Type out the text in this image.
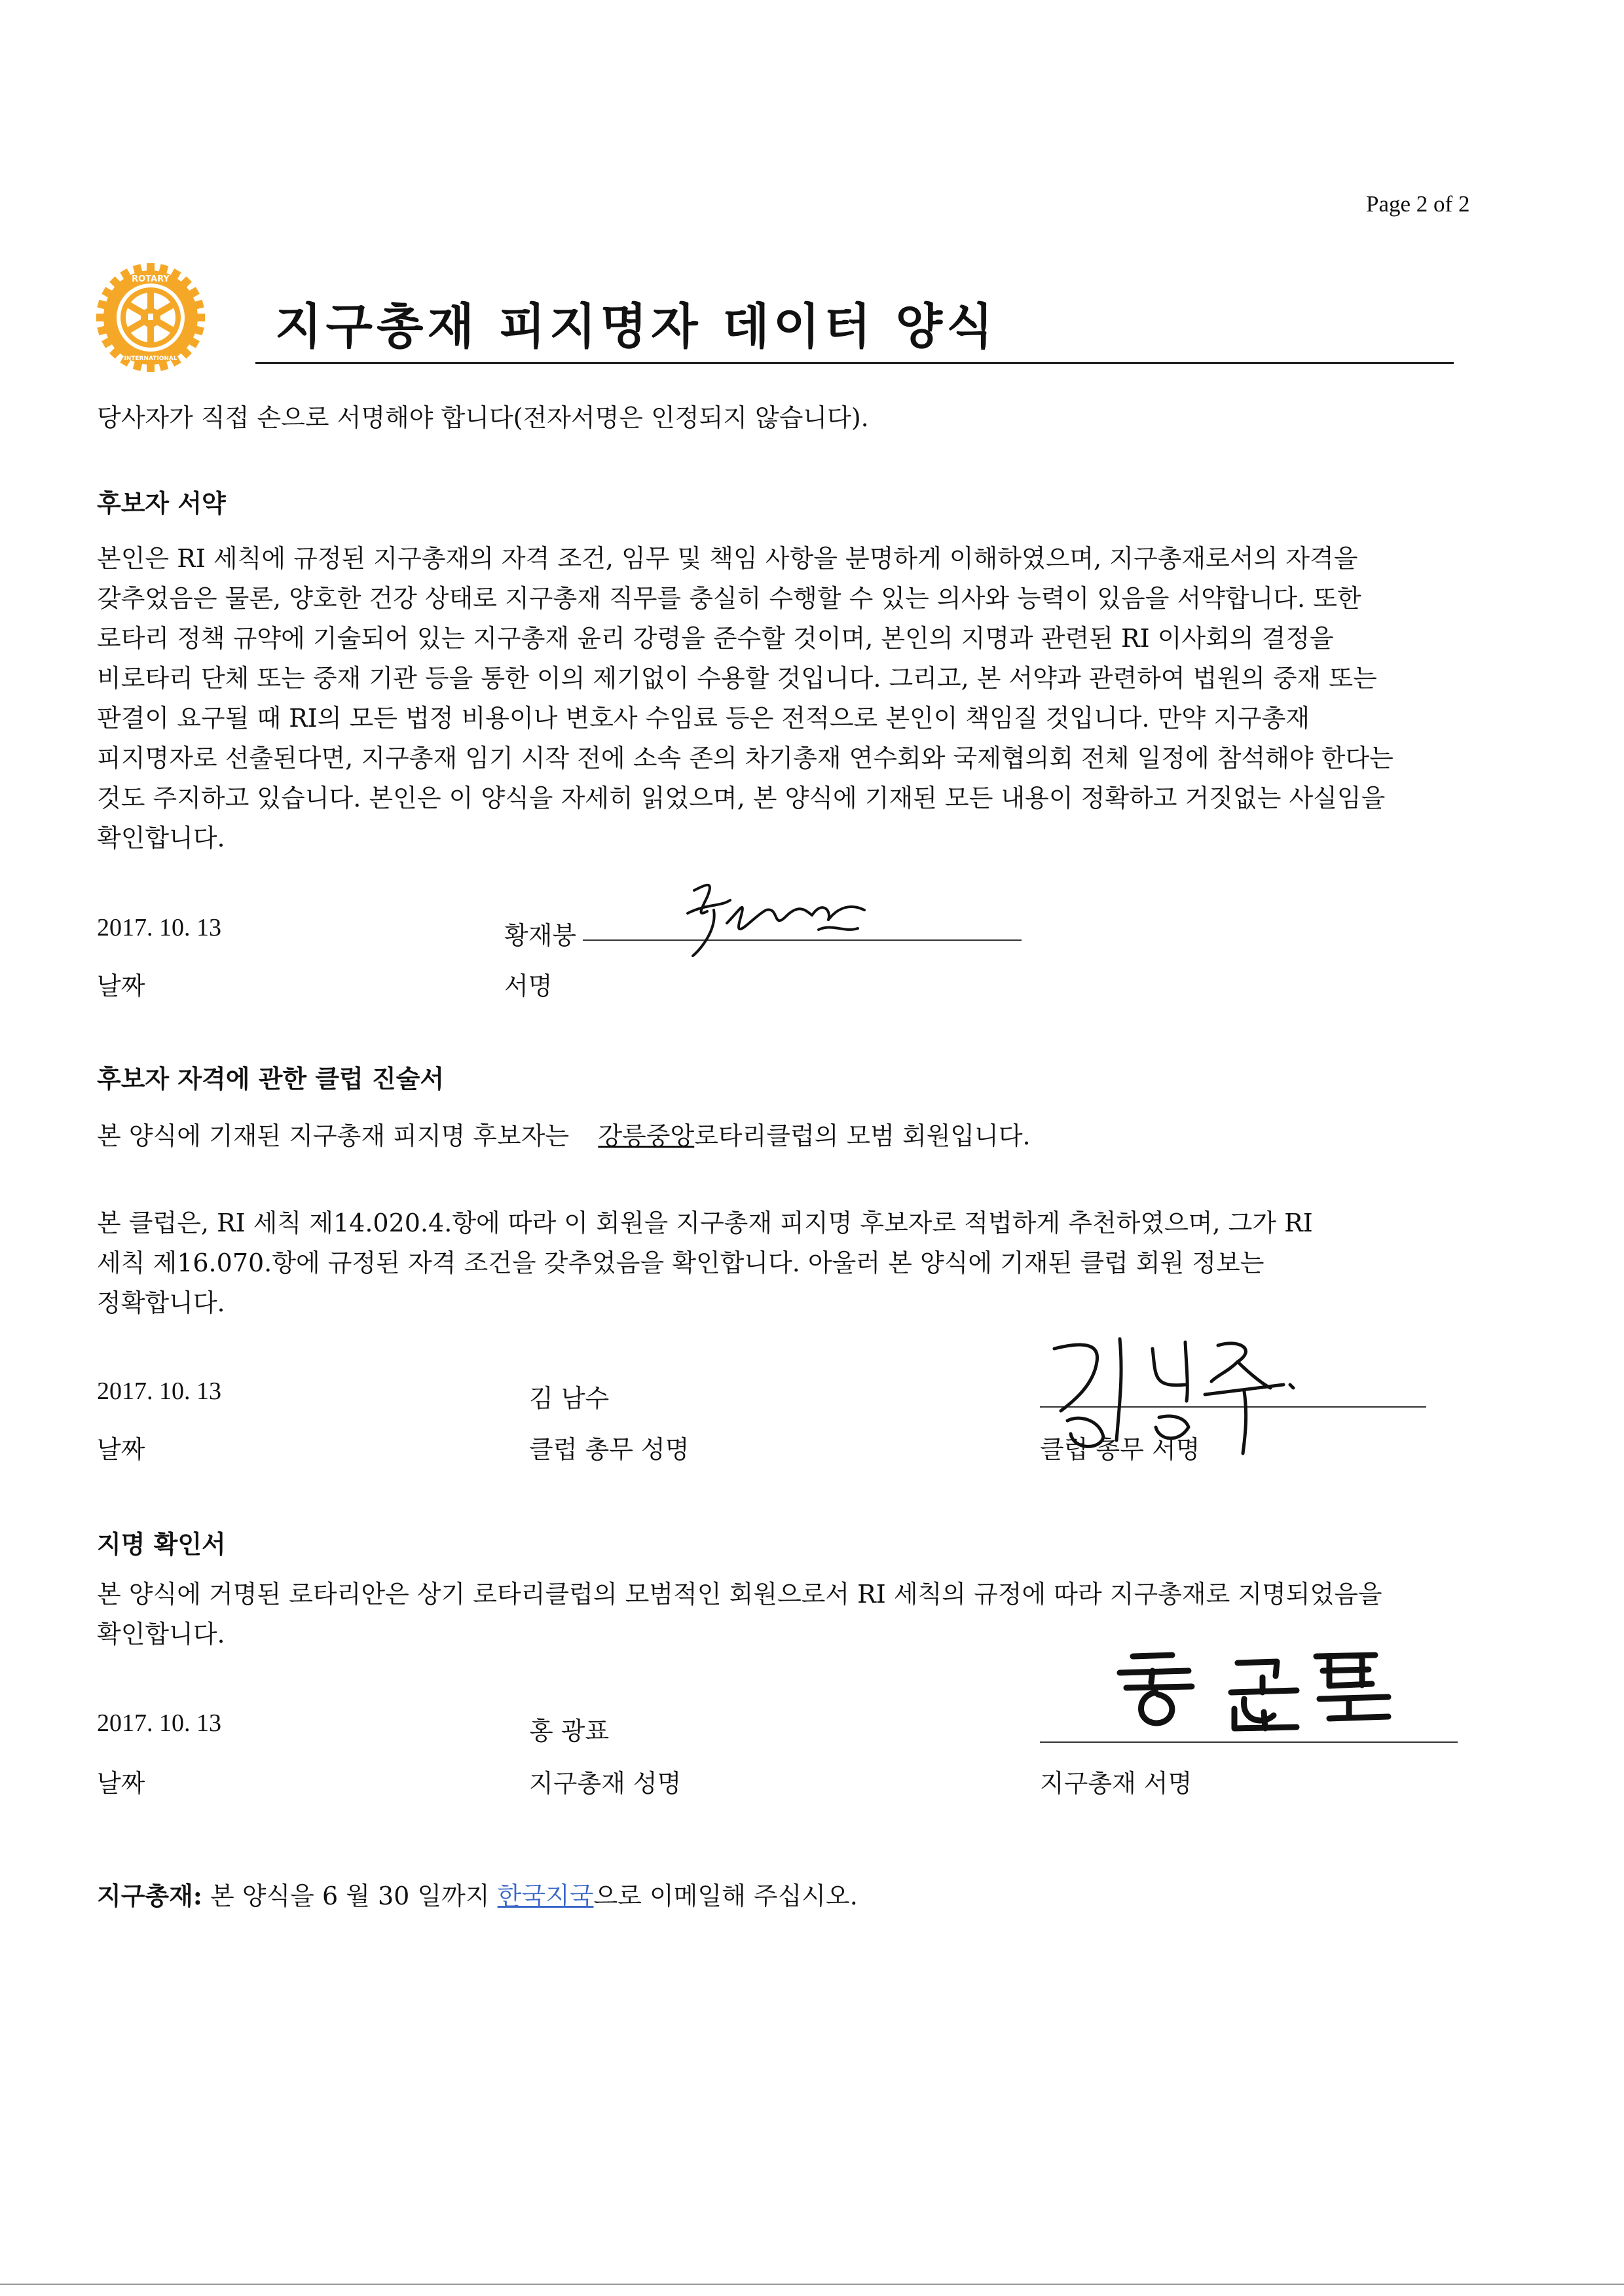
Page 2 of 2
ROTARY
INTERNATIONAL
지구총재 피지명자 데이터 양식
당사자가 직접 손으로 서명해야 합니다(전자서명은 인정되지 않습니다).
후보자 서약
본인은 RI 세칙에 규정된 지구총재의 자격 조건, 임무 및 책임 사항을 분명하게 이해하였으며, 지구총재로서의 자격을
갖추었음은 물론, 양호한 건강 상태로 지구총재 직무를 충실히 수행할 수 있는 의사와 능력이 있음을 서약합니다. 또한
로타리 정책 규약에 기술되어 있는 지구총재 윤리 강령을 준수할 것이며, 본인의 지명과 관련된 RI 이사회의 결정을
비로타리 단체 또는 중재 기관 등을 통한 이의 제기없이 수용할 것입니다. 그리고, 본 서약과 관련하여 법원의 중재 또는
판결이 요구될 때 RI의 모든 법정 비용이나 변호사 수임료 등은 전적으로 본인이 책임질 것입니다. 만약 지구총재
피지명자로 선출된다면, 지구총재 임기 시작 전에 소속 존의 차기총재 연수회와 국제협의회 전체 일정에 참석해야 한다는
것도 주지하고 있습니다. 본인은 이 양식을 자세히 읽었으며, 본 양식에 기재된 모든 내용이 정확하고 거짓없는 사실임을
확인합니다.
2017. 10. 13
날짜
황재붕
서명
후보자 자격에 관한 클럽 진술서
본 양식에 기재된 지구총재 피지명 후보자는 강릉중앙로타리클럽의 모범 회원입니다.
본 클럽은, RI 세칙 제14.020.4.항에 따라 이 회원을 지구총재 피지명 후보자로 적법하게 추천하였으며, 그가 RI
세칙 제16.070.항에 규정된 자격 조건을 갖추었음을 확인합니다. 아울러 본 양식에 기재된 클럽 회원 정보는
정확합니다.
2017. 10. 13
날짜
김 남수
클럽 총무 성명	클럽 총무 서명
지명 확인서
본 양식에 거명된 로타리안은 상기 로타리클럽의 모범적인 회원으로서 RI 세칙의 규정에 따라 지구총재로 지명되었음을
확인합니다.
2017. 10. 13
날짜
홍 광표
지구총재 성명	지구총재 서명
지구총재: 본 양식을 6 월 30 일까지 한국지국으로 이메일해 주십시오.
